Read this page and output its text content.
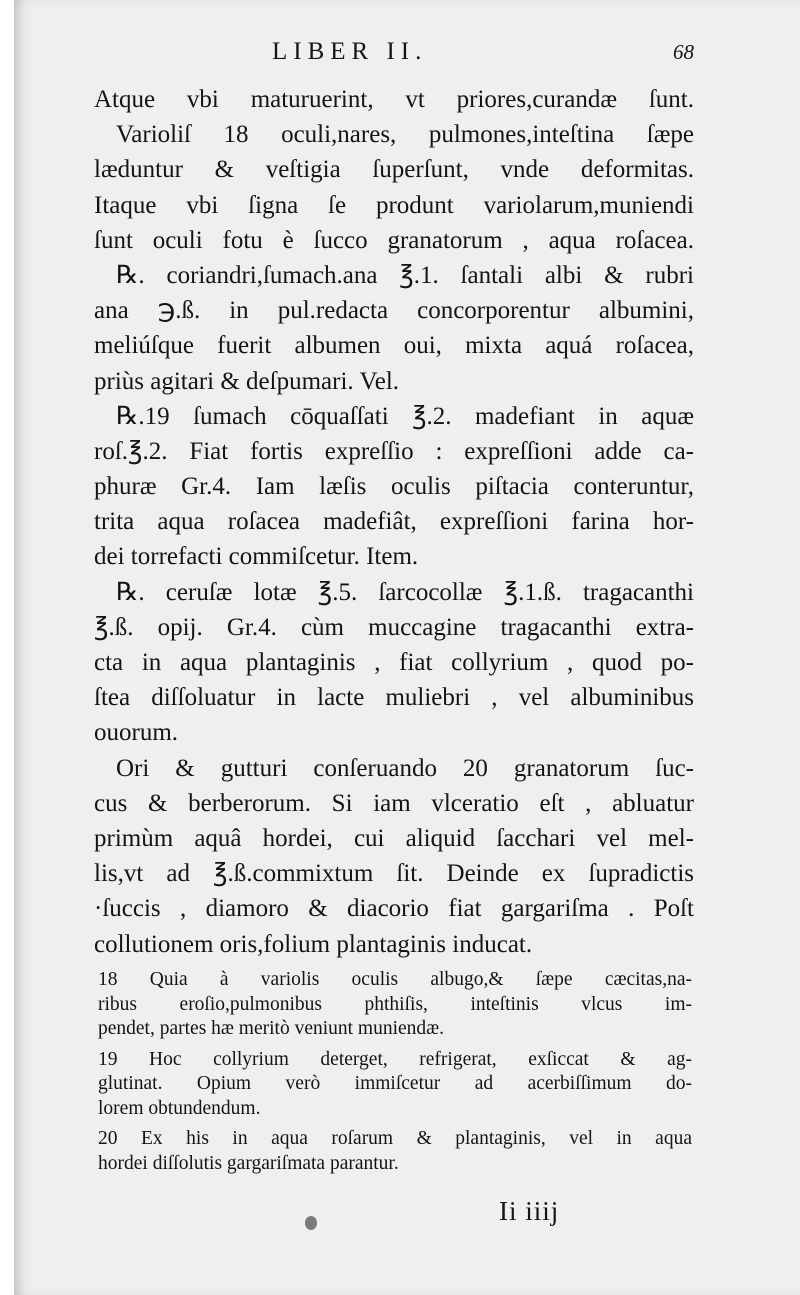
LIBER II.	68
Atque vbi maturuerint, vt priores,curandæ ſunt.
Varioliſ 18 oculi,nares, pulmones,inteſtina ſæpe
læduntur & veſtigia ſuperſunt, vnde deformitas.
Itaque vbi ſigna ſe produnt variolarum,muniendi
ſunt oculi fotu è ſucco granatorum , aqua roſacea.
℞. coriandri,ſumach.ana ℥.1. ſantali albi & rubri
ana ℈.ß. in pul.redacta concorporentur albumini,
meliúſque fuerit albumen oui, mixta aquá roſacea,
priùs agitari & deſpumari. Vel.
℞.19 ſumach cōquaſſati ℥.2. madefiant in aquæ
roſ.℥.2. Fiat fortis expreſſio : expreſſioni adde ca-
phuræ Gr.4. Iam læſis oculis piſtacia conteruntur,
trita aqua roſacea madefiât, expreſſioni farina hor-
dei torrefacti commiſcetur. Item.
℞. ceruſæ lotæ ℥.5. ſarcocollæ ℥.1.ß. tragacanthi
℥.ß. opij. Gr.4. cùm muccagine tragacanthi extra-
cta in aqua plantaginis , fiat collyrium , quod po-
ſtea diſſoluatur in lacte muliebri , vel albuminibus
ouorum.
Ori & gutturi conſeruando 20 granatorum ſuc-
cus & berberorum. Si iam vlceratio eſt , abluatur
primùm aquâ hordei, cui aliquid ſacchari vel mel-
lis,vt ad ℥.ß.commixtum ſit. Deinde ex ſupradictis
·ſuccis , diamoro & diacorio fiat gargariſma . Poſt
collutionem oris,folium plantaginis inducat.
18 Quia à variolis oculis albugo,& ſæpe cæcitas,na-
ribus eroſio,pulmonibus phthiſis, inteſtinis vlcus im-
pendet, partes hæ meritò veniunt muniendæ.
19 Hoc collyrium deterget, refrigerat, exſiccat & ag-
glutinat. Opium verò immiſcetur ad acerbiſſimum do-
lorem obtundendum.
20 Ex his in aqua roſarum & plantaginis, vel in aqua
hordei diſſolutis gargariſmata parantur.
Ii iiij
